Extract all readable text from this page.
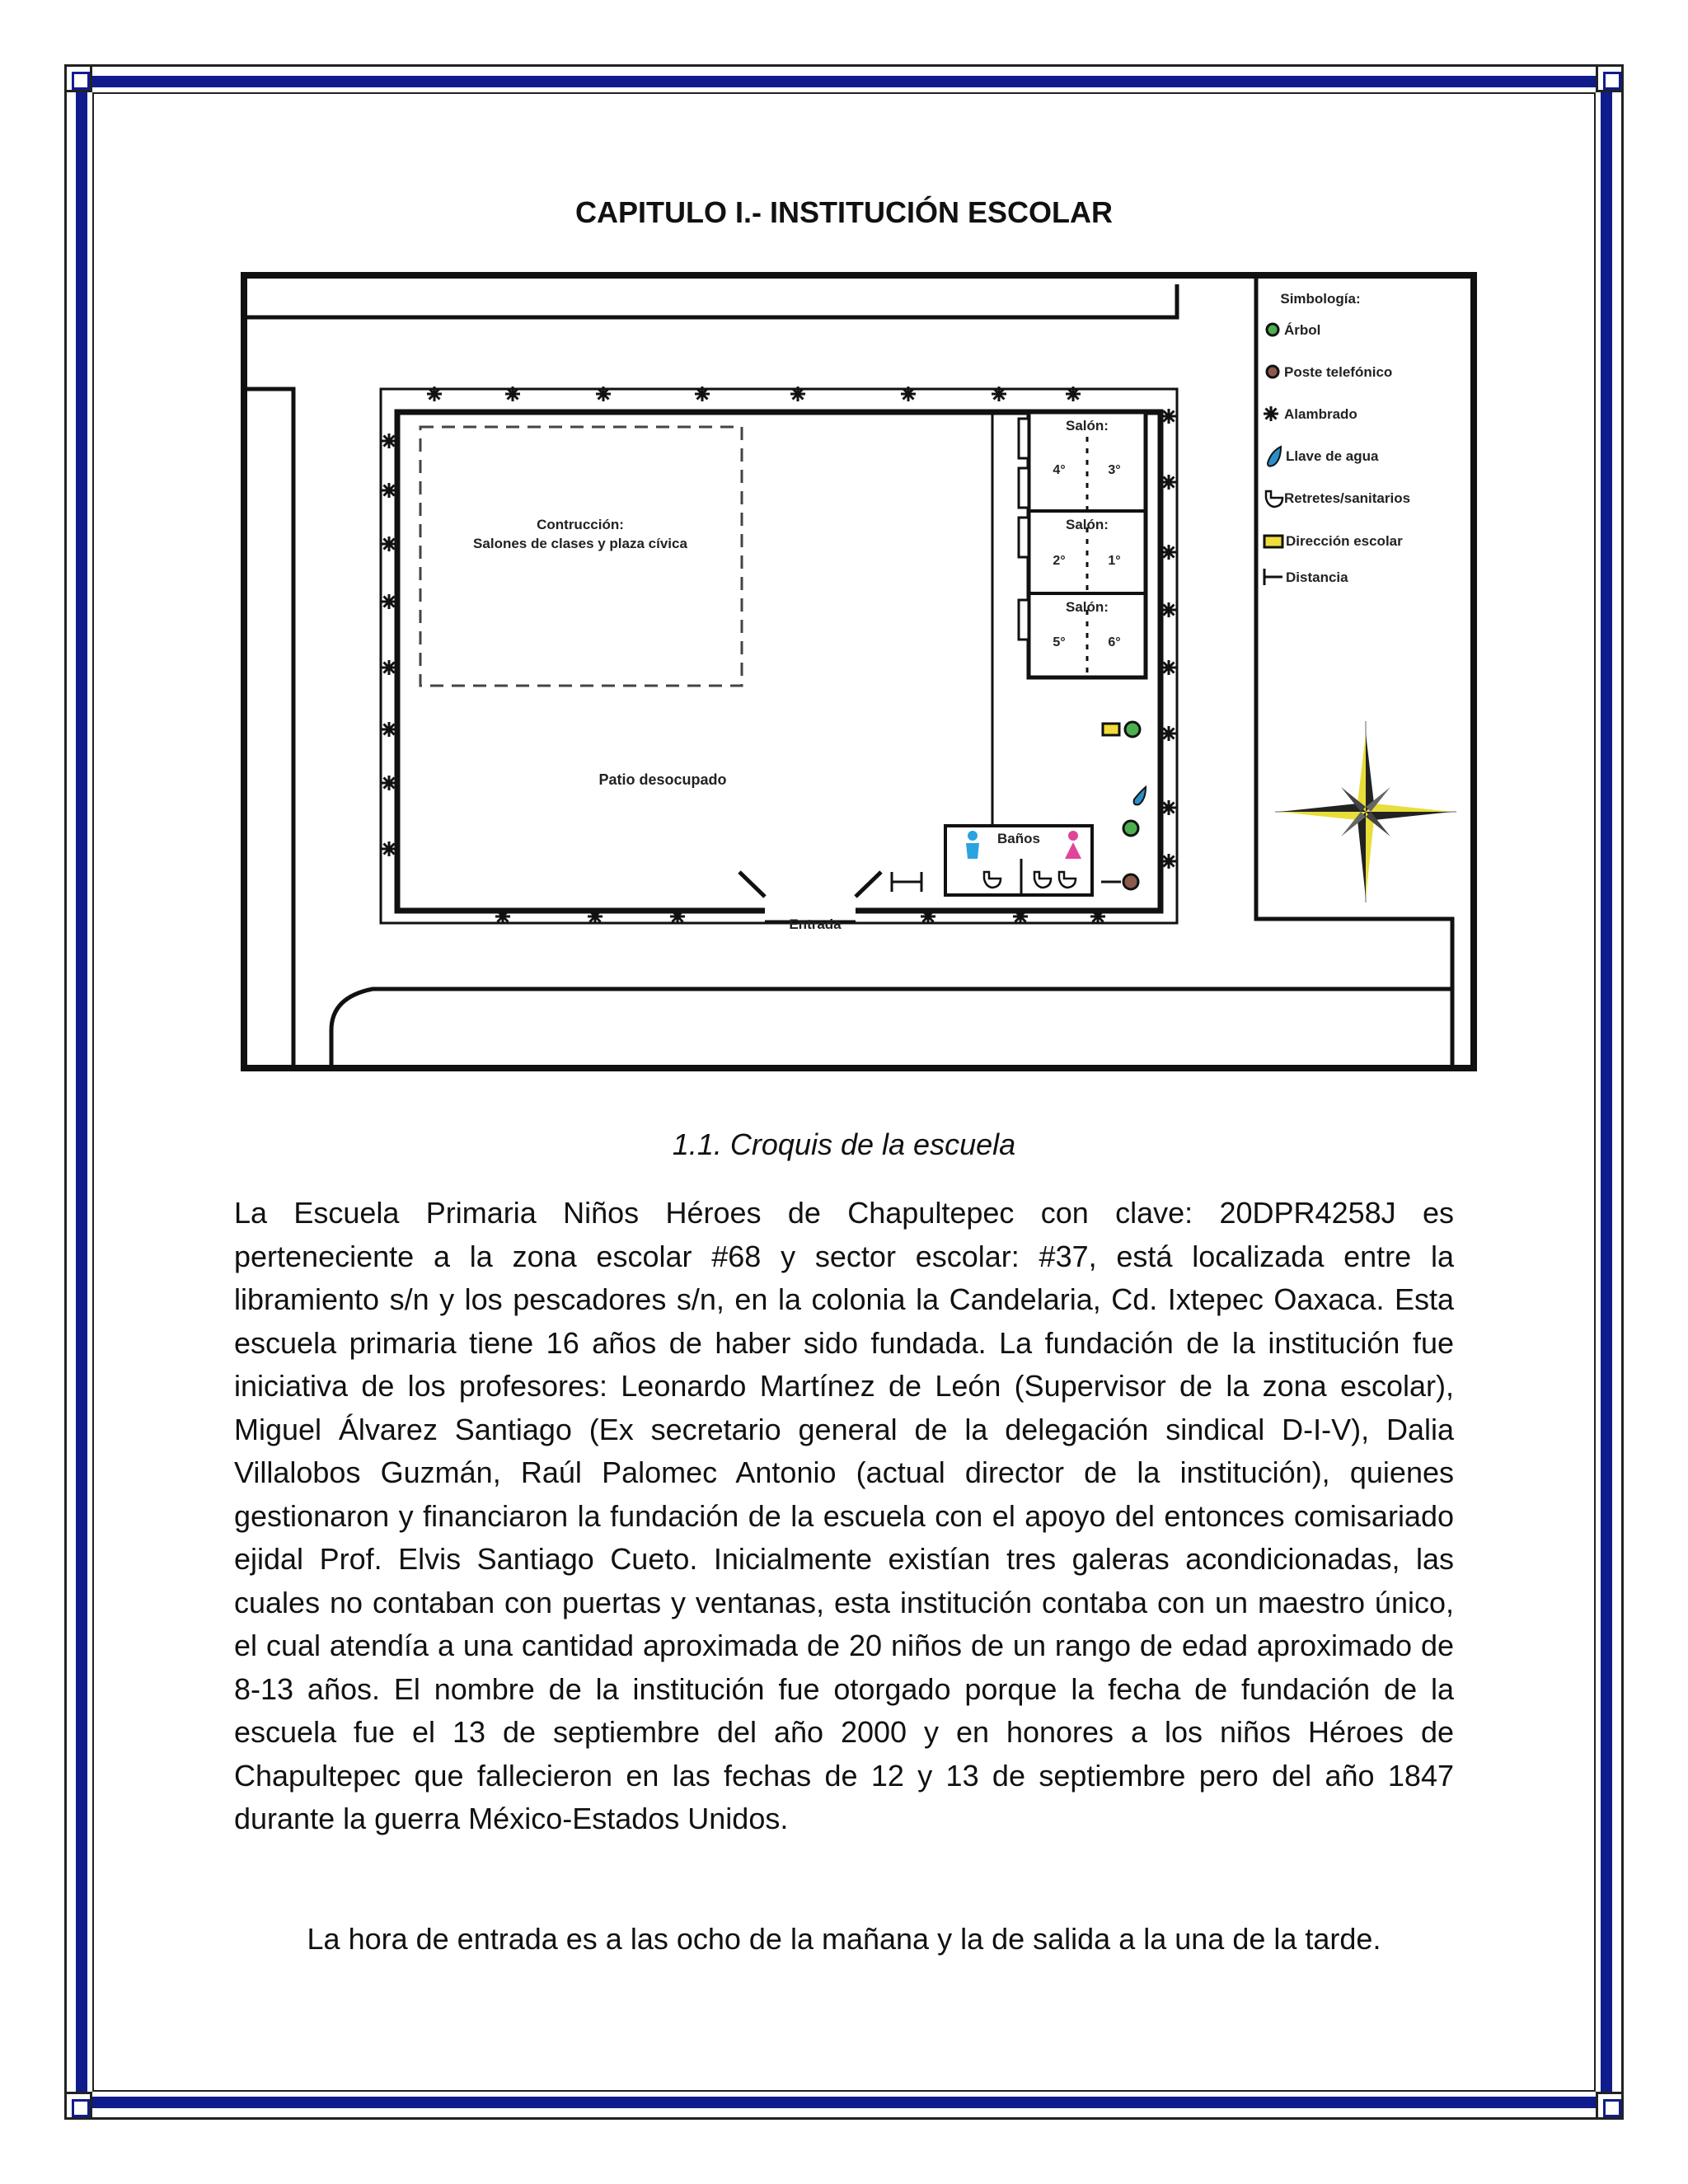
CAPITULO I.- INSTITUCIÓN ESCOLAR
Contrucción:
Salones de clases y plaza cívica
Patio desocupado
Salón:
4°	3°
Salón:
2°	1°
Salón:
5°	6°
Baños
Entrada
Simbología:
Árbol
Poste telefónico
Alambrado
Llave de agua
Retretes/sanitarios
Dirección escolar
Distancia
1.1. Croquis de la escuela

La Escuela Primaria Niños Héroes de Chapultepec con clave: 20DPR4258J es perteneciente a la zona escolar #68 y sector escolar: #37, está localizada entre la libramiento s/n y los pescadores s/n, en la colonia la Candelaria, Cd. Ixtepec Oaxaca. Esta escuela primaria tiene 16 años de haber sido fundada. La fundación de la institución fue iniciativa de los profesores: Leonardo Martínez de León (Supervisor de la zona escolar), Miguel Álvarez Santiago (Ex secretario general de la delegación sindical D-I-V), Dalia Villalobos Guzmán, Raúl Palomec Antonio (actual director de la institución), quienes gestionaron y financiaron la fundación de la escuela con el apoyo del entonces comisariado ejidal Prof. Elvis Santiago Cueto. Inicialmente existían tres galeras acondicionadas, las cuales no contaban con puertas y ventanas, esta institución contaba con un maestro único, el cual atendía a una cantidad aproximada de 20 niños de un rango de edad aproximado de 8-13 años. El nombre de la institución fue otorgado porque la fecha de fundación de la escuela fue el 13 de septiembre del año 2000 y en honores a los niños Héroes de Chapultepec que fallecieron en las fechas de 12 y 13 de septiembre pero del año 1847 durante la guerra México-Estados Unidos.

La hora de entrada es a las ocho de la mañana y la de salida a la una de la tarde.
